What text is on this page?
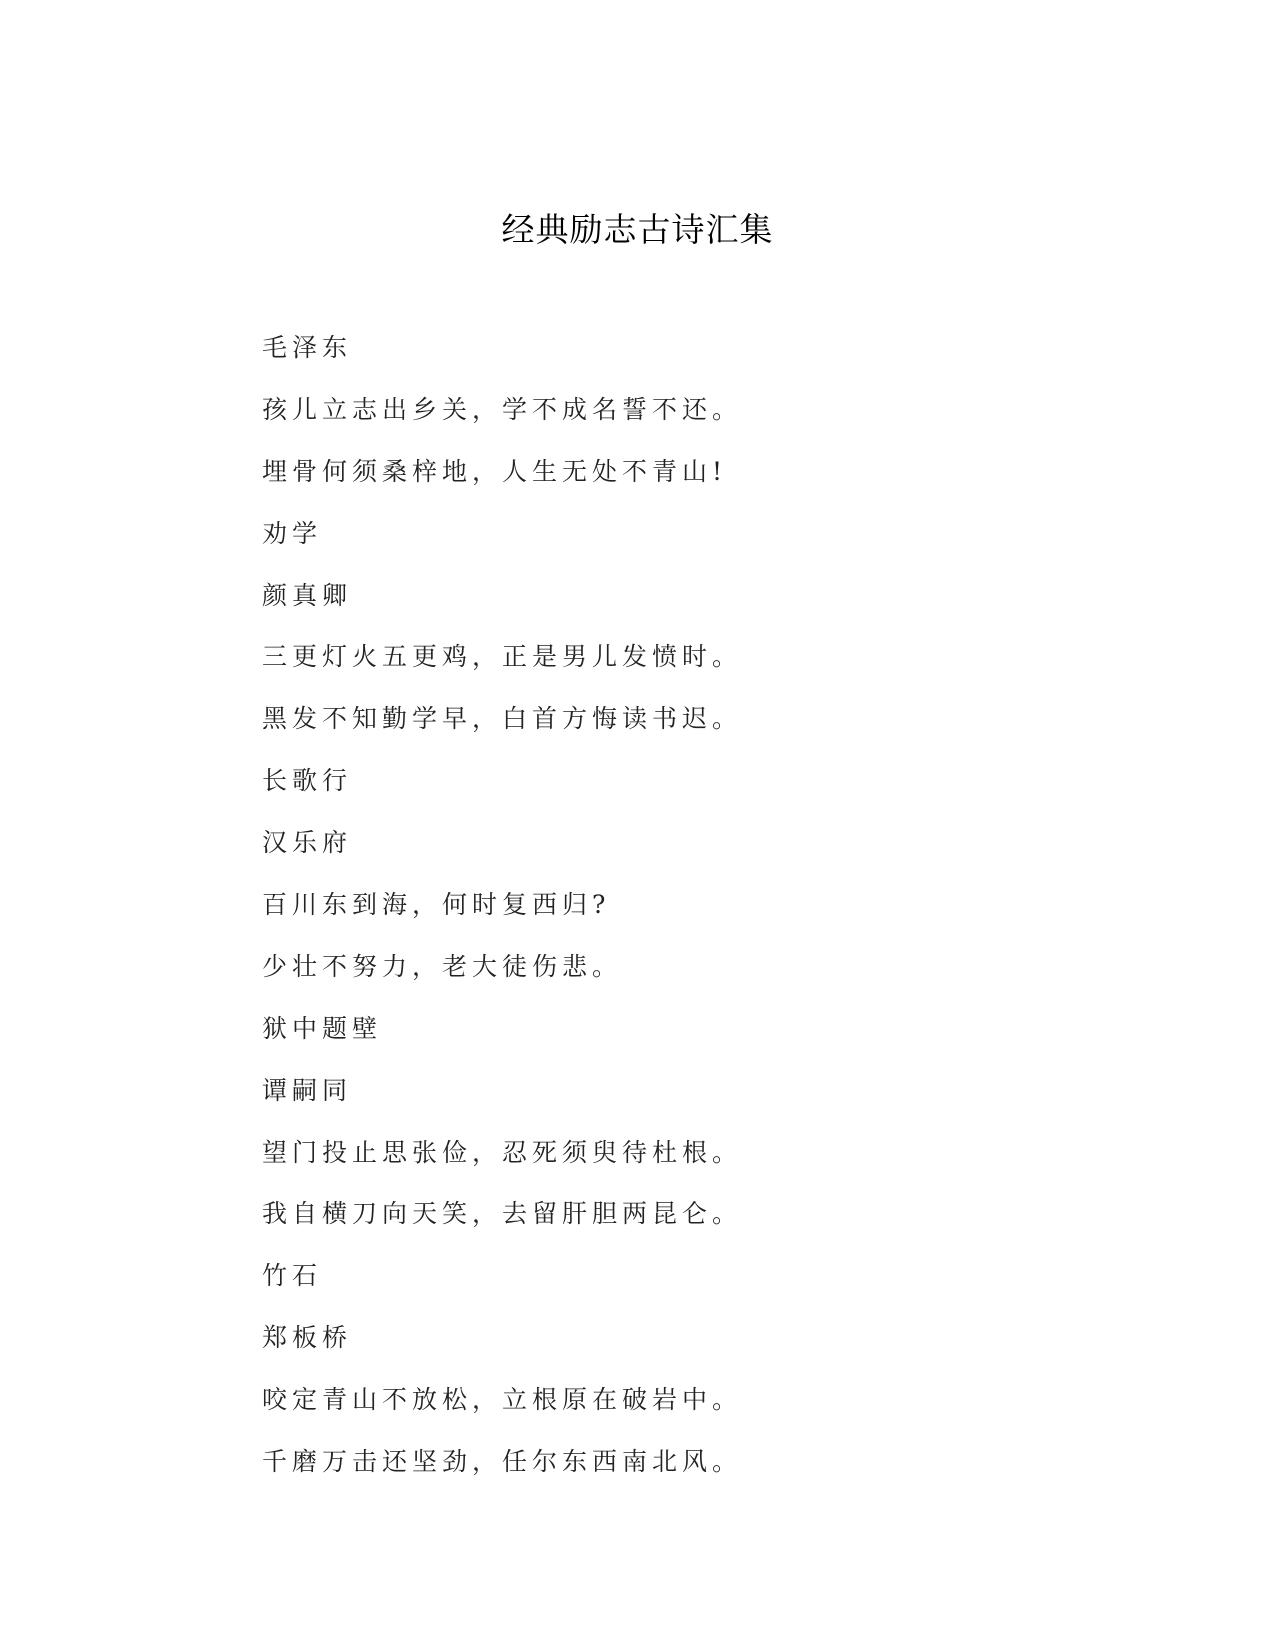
经典励志古诗汇集
毛泽东
孩儿立志出乡关，学不成名誓不还。
埋骨何须桑梓地，人生无处不青山!
劝学
颜真卿
三更灯火五更鸡，正是男儿发愤时。
黑发不知勤学早，白首方悔读书迟。
长歌行
汉乐府
百川东到海，何时复西归?
少壮不努力，老大徒伤悲。
狱中题壁
谭嗣同
望门投止思张俭，忍死须臾待杜根。
我自横刀向天笑，去留肝胆两昆仑。
竹石
郑板桥
咬定青山不放松，立根原在破岩中。
千磨万击还坚劲，任尔东西南北风。
